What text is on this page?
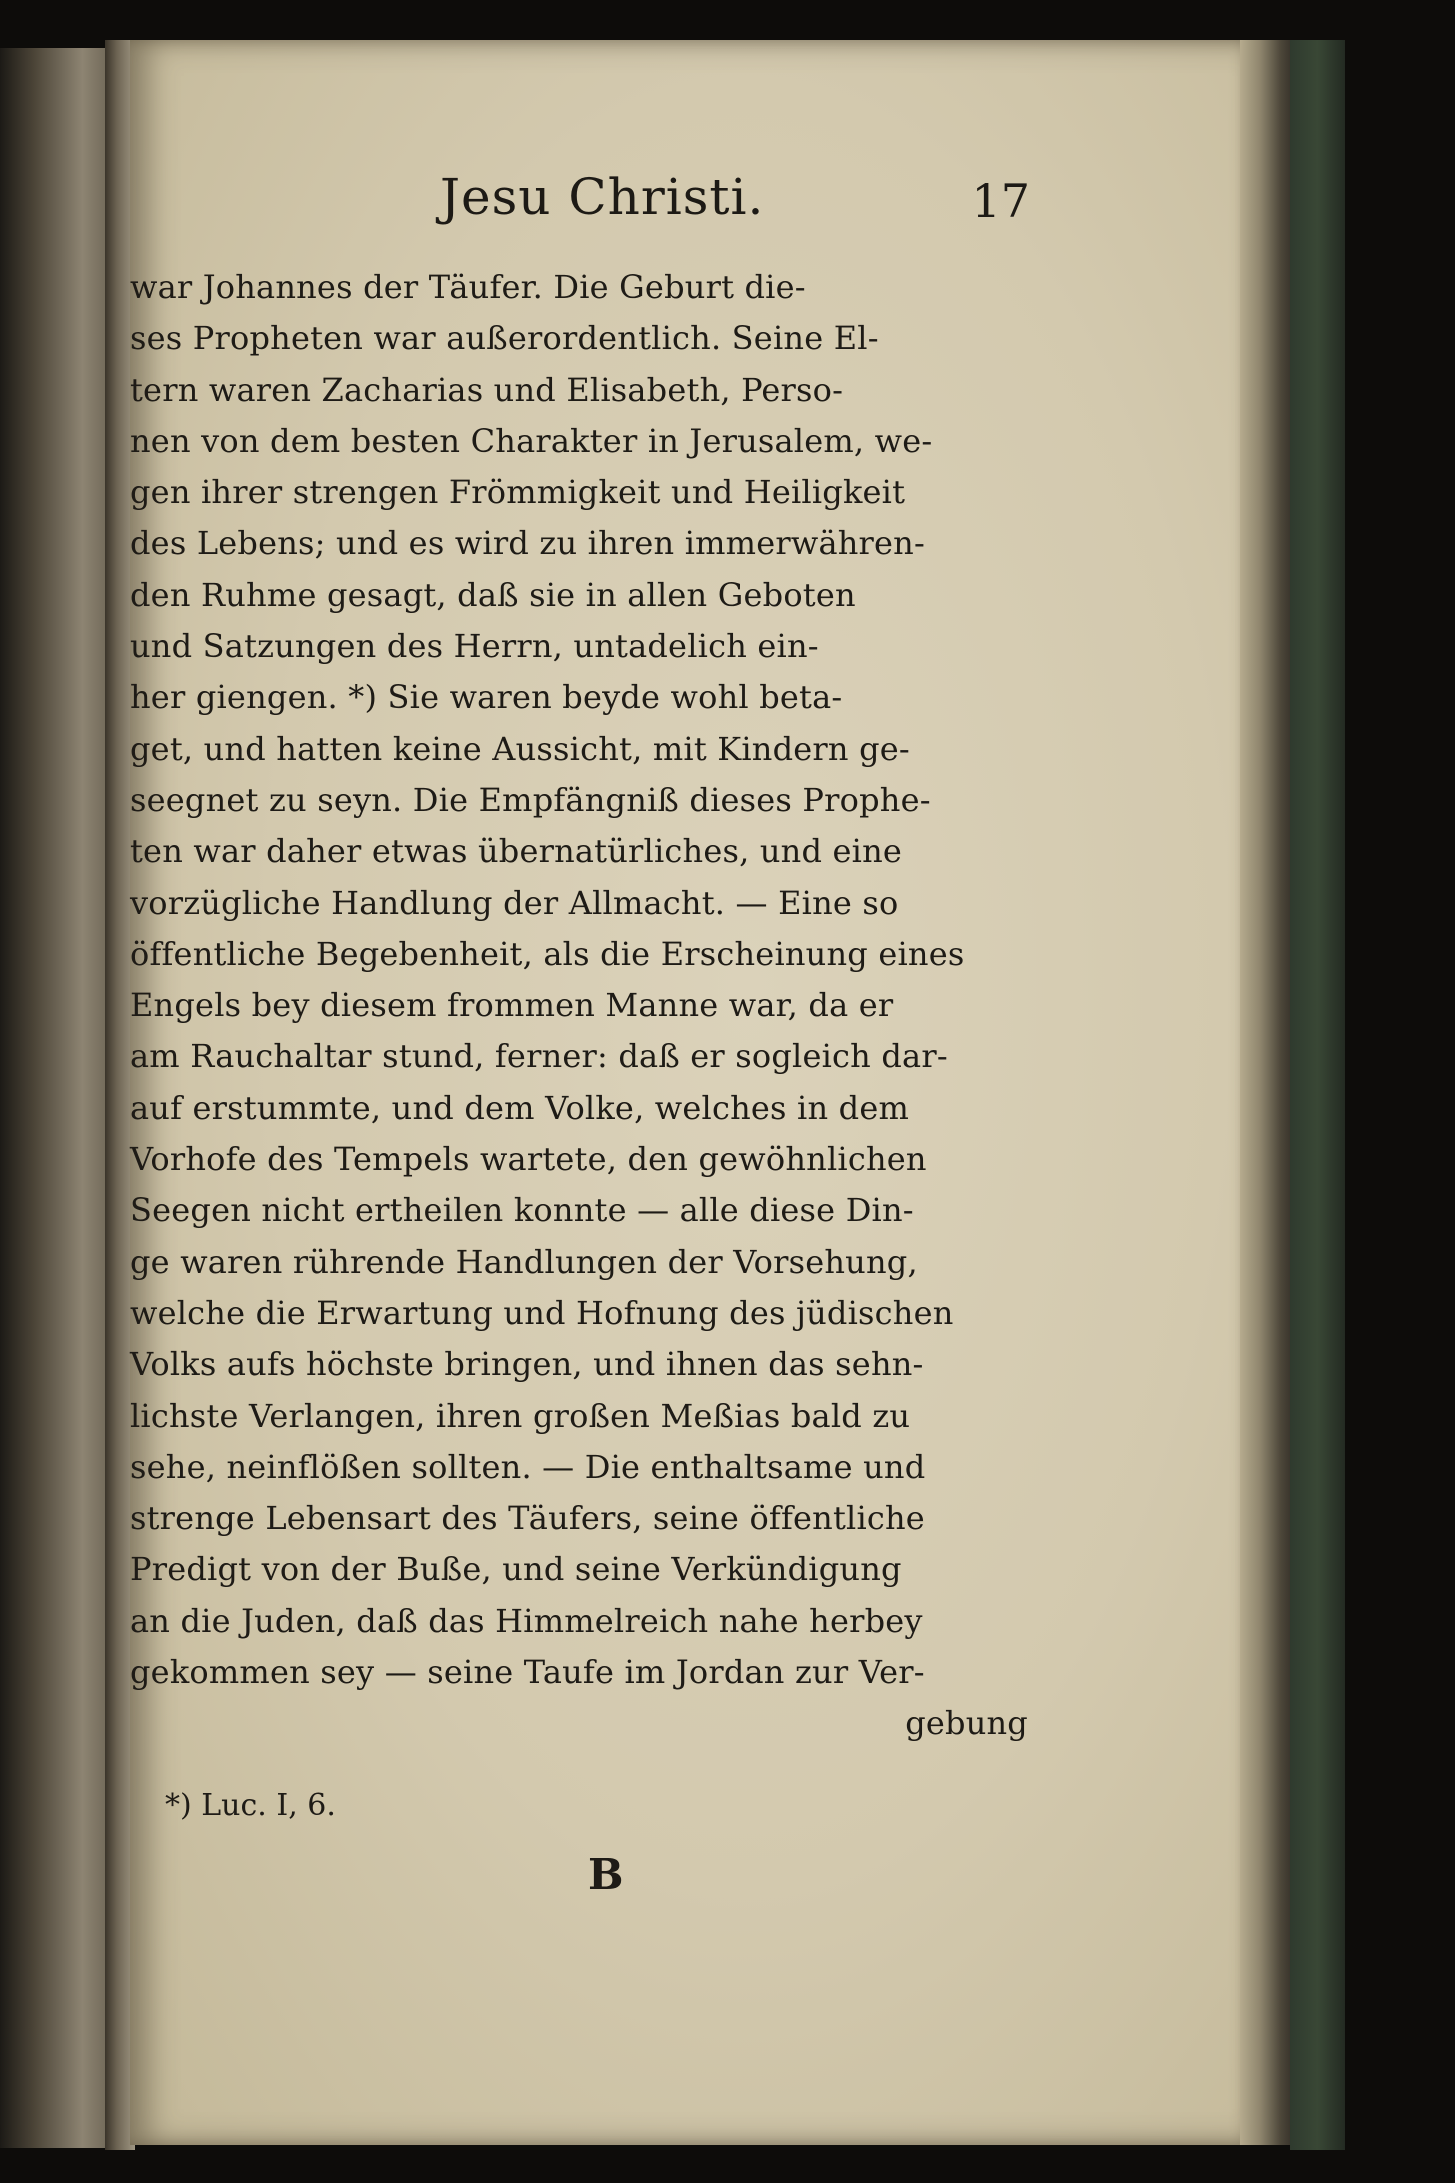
Jesu Christi.	17
war Johannes der Täufer. Die Geburt die-
ses Propheten war außerordentlich. Seine El-
tern waren Zacharias und Elisabeth, Perso-
nen von dem besten Charakter in Jerusalem, we-
gen ihrer strengen Frömmigkeit und Heiligkeit
des Lebens; und es wird zu ihren immerwähren-
den Ruhme gesagt, daß sie in allen Geboten
und Satzungen des Herrn, untadelich ein-
her giengen. *) Sie waren beyde wohl beta-
get, und hatten keine Aussicht, mit Kindern ge-
seegnet zu seyn. Die Empfängniß dieses Prophe-
ten war daher etwas übernatürliches, und eine
vorzügliche Handlung der Allmacht. — Eine so
öffentliche Begebenheit, als die Erscheinung eines
Engels bey diesem frommen Manne war, da er
am Rauchaltar stund, ferner: daß er sogleich dar-
auf erstummte, und dem Volke, welches in dem
Vorhofe des Tempels wartete, den gewöhnlichen
Seegen nicht ertheilen konnte — alle diese Din-
ge waren rührende Handlungen der Vorsehung,
welche die Erwartung und Hofnung des jüdischen
Volks aufs höchste bringen, und ihnen das sehn-
lichste Verlangen, ihren großen Meßias bald zu
sehe, neinflößen sollten. — Die enthaltsame und
strenge Lebensart des Täufers, seine öffentliche
Predigt von der Buße, und seine Verkündigung
an die Juden, daß das Himmelreich nahe herbey
gekommen sey — seine Taufe im Jordan zur Ver-
gebung
*) Luc. I, 6.
B
